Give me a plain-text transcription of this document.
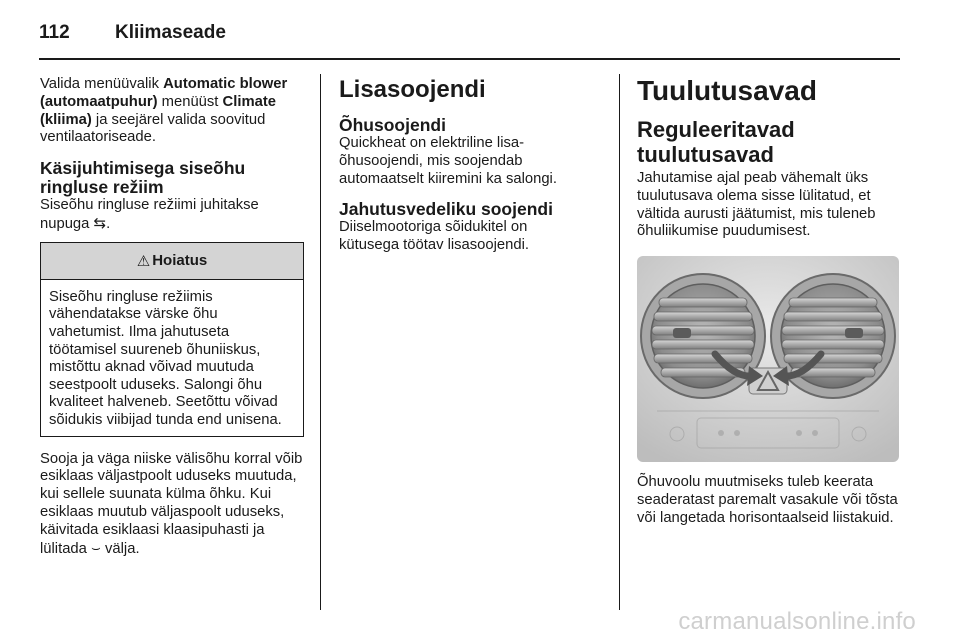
112 Kliimaseade

Valida menüüvalik Automatic blower (automaatpuhur) menüüst Climate (kliima) ja seejärel valida soovitud ventilaatoriseade.

Käsijuhtimisega siseõhu ringluse režiim

Siseõhu ringluse režiimi juhitakse nupuga ⇆.

⚠ Hoiatus

Siseõhu ringluse režiimis vähendatakse värske õhu vahetumist. Ilma jahutuseta töötamisel suureneb õhuniiskus, mistõttu aknad võivad muutuda seestpoolt uduseks. Salongi õhu kvaliteet halveneb. Seetõttu võivad sõidukis viibijad tunda end unisena.

Sooja ja väga niiske välisõhu korral võib esiklaas väljastpoolt uduseks muutuda, kui sellele suunata külma õhku. Kui esiklaas muutub väljaspoolt uduseks, käivitada esiklaasi klaasipuhasti ja lülitada ⌣ välja.

Lisasoojendi
Õhusoojendi

Quickheat on elektriline lisa-õhusoojendi, mis soojendab automaatselt kiiremini ka salongi.

Jahutusvedeliku soojendi

Diiselmootoriga sõidukitel on kütusega töötav lisasoojendi.

Tuulutusavad
Reguleeritavad tuulutusavad

Jahutamise ajal peab vähemalt üks tuulutusava olema sisse lülitatud, et vältida aurusti jäätumist, mis tuleneb õhuliikumise puudumisest.

Õhuvoolu muutmiseks tuleb keerata seaderatast paremalt vasakule või tõsta või langetada horisontaalseid liistakuid.

carmanualsonline.info
